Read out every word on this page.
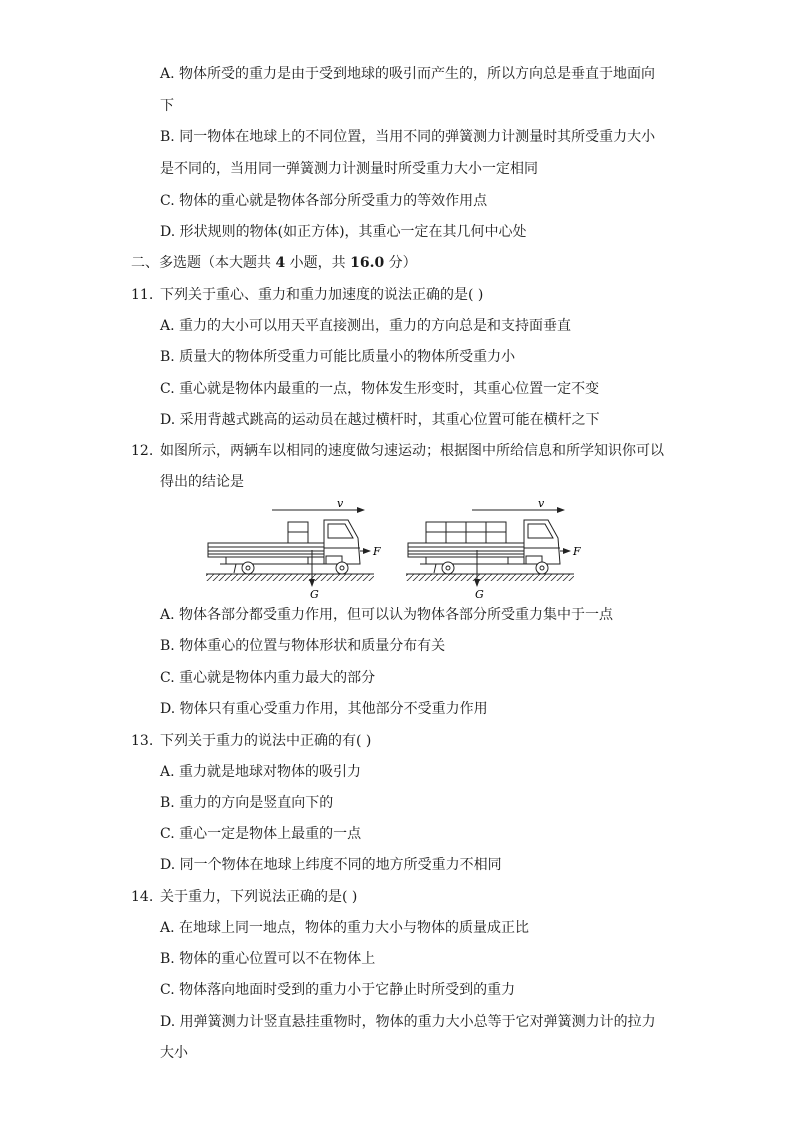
A. 物体所受的重力是由于受到地球的吸引而产生的，所以方向总是垂直于地面向
下
B. 同一物体在地球上的不同位置，当用不同的弹簧测力计测量时其所受重力大小
是不同的，当用同一弹簧测力计测量时所受重力大小一定相同
C. 物体的重心就是物体各部分所受重力的等效作用点
D. 形状规则的物体(如正方体)，其重心一定在其几何中心处
二、多选题（本大题共 4 小题，共 16.0 分）
11. 下列关于重心、重力和重力加速度的说法正确的是( )
A. 重力的大小可以用天平直接测出，重力的方向总是和支持面垂直
B. 质量大的物体所受重力可能比质量小的物体所受重力小
C. 重心就是物体内最重的一点，物体发生形变时，其重心位置一定不变
D. 采用背越式跳高的运动员在越过横杆时，其重心位置可能在横杆之下
12. 如图所示，两辆车以相同的速度做匀速运动；根据图中所给信息和所学知识你可以
得出的结论是
v
F
G
v
F
G
A. 物体各部分都受重力作用，但可以认为物体各部分所受重力集中于一点
B. 物体重心的位置与物体形状和质量分布有关
C. 重心就是物体内重力最大的部分
D. 物体只有重心受重力作用，其他部分不受重力作用
13. 下列关于重力的说法中正确的有( )
A. 重力就是地球对物体的吸引力
B. 重力的方向是竖直向下的
C. 重心一定是物体上最重的一点
D. 同一个物体在地球上纬度不同的地方所受重力不相同
14. 关于重力，下列说法正确的是( )
A. 在地球上同一地点，物体的重力大小与物体的质量成正比
B. 物体的重心位置可以不在物体上
C. 物体落向地面时受到的重力小于它静止时所受到的重力
D. 用弹簧测力计竖直悬挂重物时，物体的重力大小总等于它对弹簧测力计的拉力
大小
